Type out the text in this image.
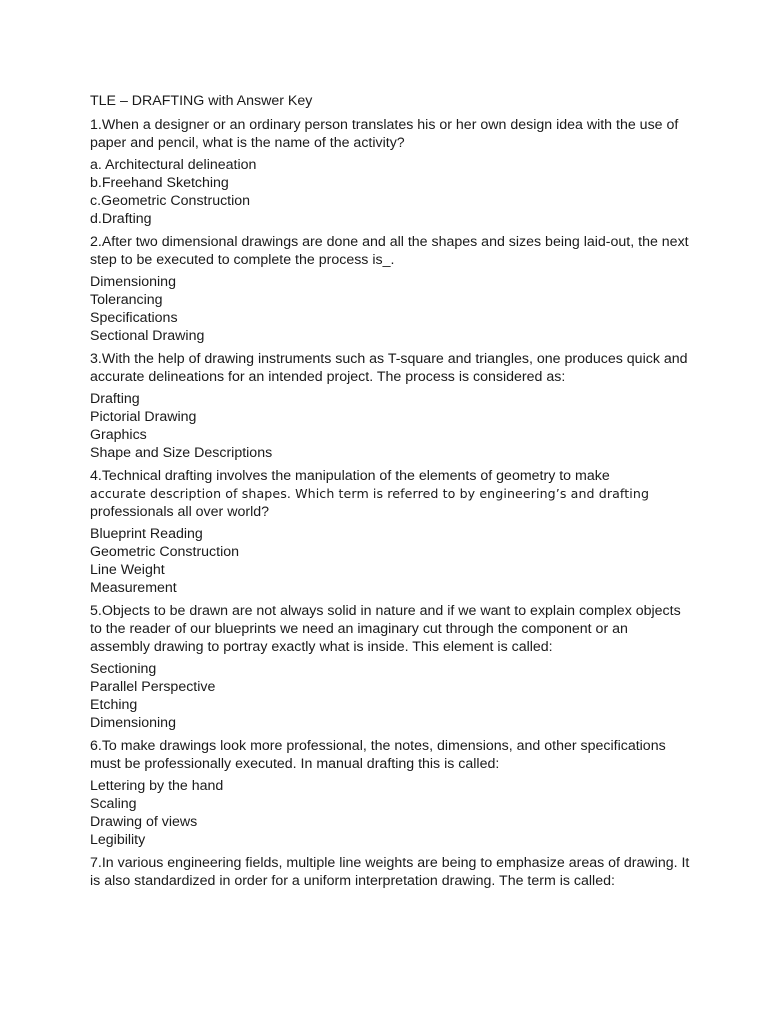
TLE – DRAFTING with Answer Key

1.When a designer or an ordinary person translates his or her own design idea with the use of paper and pencil, what is the name of the activity?

a. Architectural delineation
b.Freehand Sketching
c.Geometric Construction
d.Drafting

2.After two dimensional drawings are done and all the shapes and sizes being laid-out, the next step to be executed to complete the process is_.

Dimensioning
Tolerancing
Specifications
Sectional Drawing

3.With the help of drawing instruments such as T-square and triangles, one produces quick and accurate delineations for an intended project. The process is considered as:

Drafting
Pictorial Drawing
Graphics
Shape and Size Descriptions

4.Technical drafting involves the manipulation of the elements of geometry to make
accurate description of shapes. Which term is referred to by engineering’s and drafting
professionals all over world?

Blueprint Reading
Geometric Construction
Line Weight
Measurement

5.Objects to be drawn are not always solid in nature and if we want to explain complex objects to the reader of our blueprints we need an imaginary cut through the component or an assembly drawing to portray exactly what is inside. This element is called:

Sectioning
Parallel Perspective
Etching
Dimensioning

6.To make drawings look more professional, the notes, dimensions, and other specifications must be professionally executed. In manual drafting this is called:

Lettering by the hand
Scaling
Drawing of views
Legibility

7.In various engineering fields, multiple line weights are being to emphasize areas of drawing. It is also standardized in order for a uniform interpretation drawing. The term is called:
